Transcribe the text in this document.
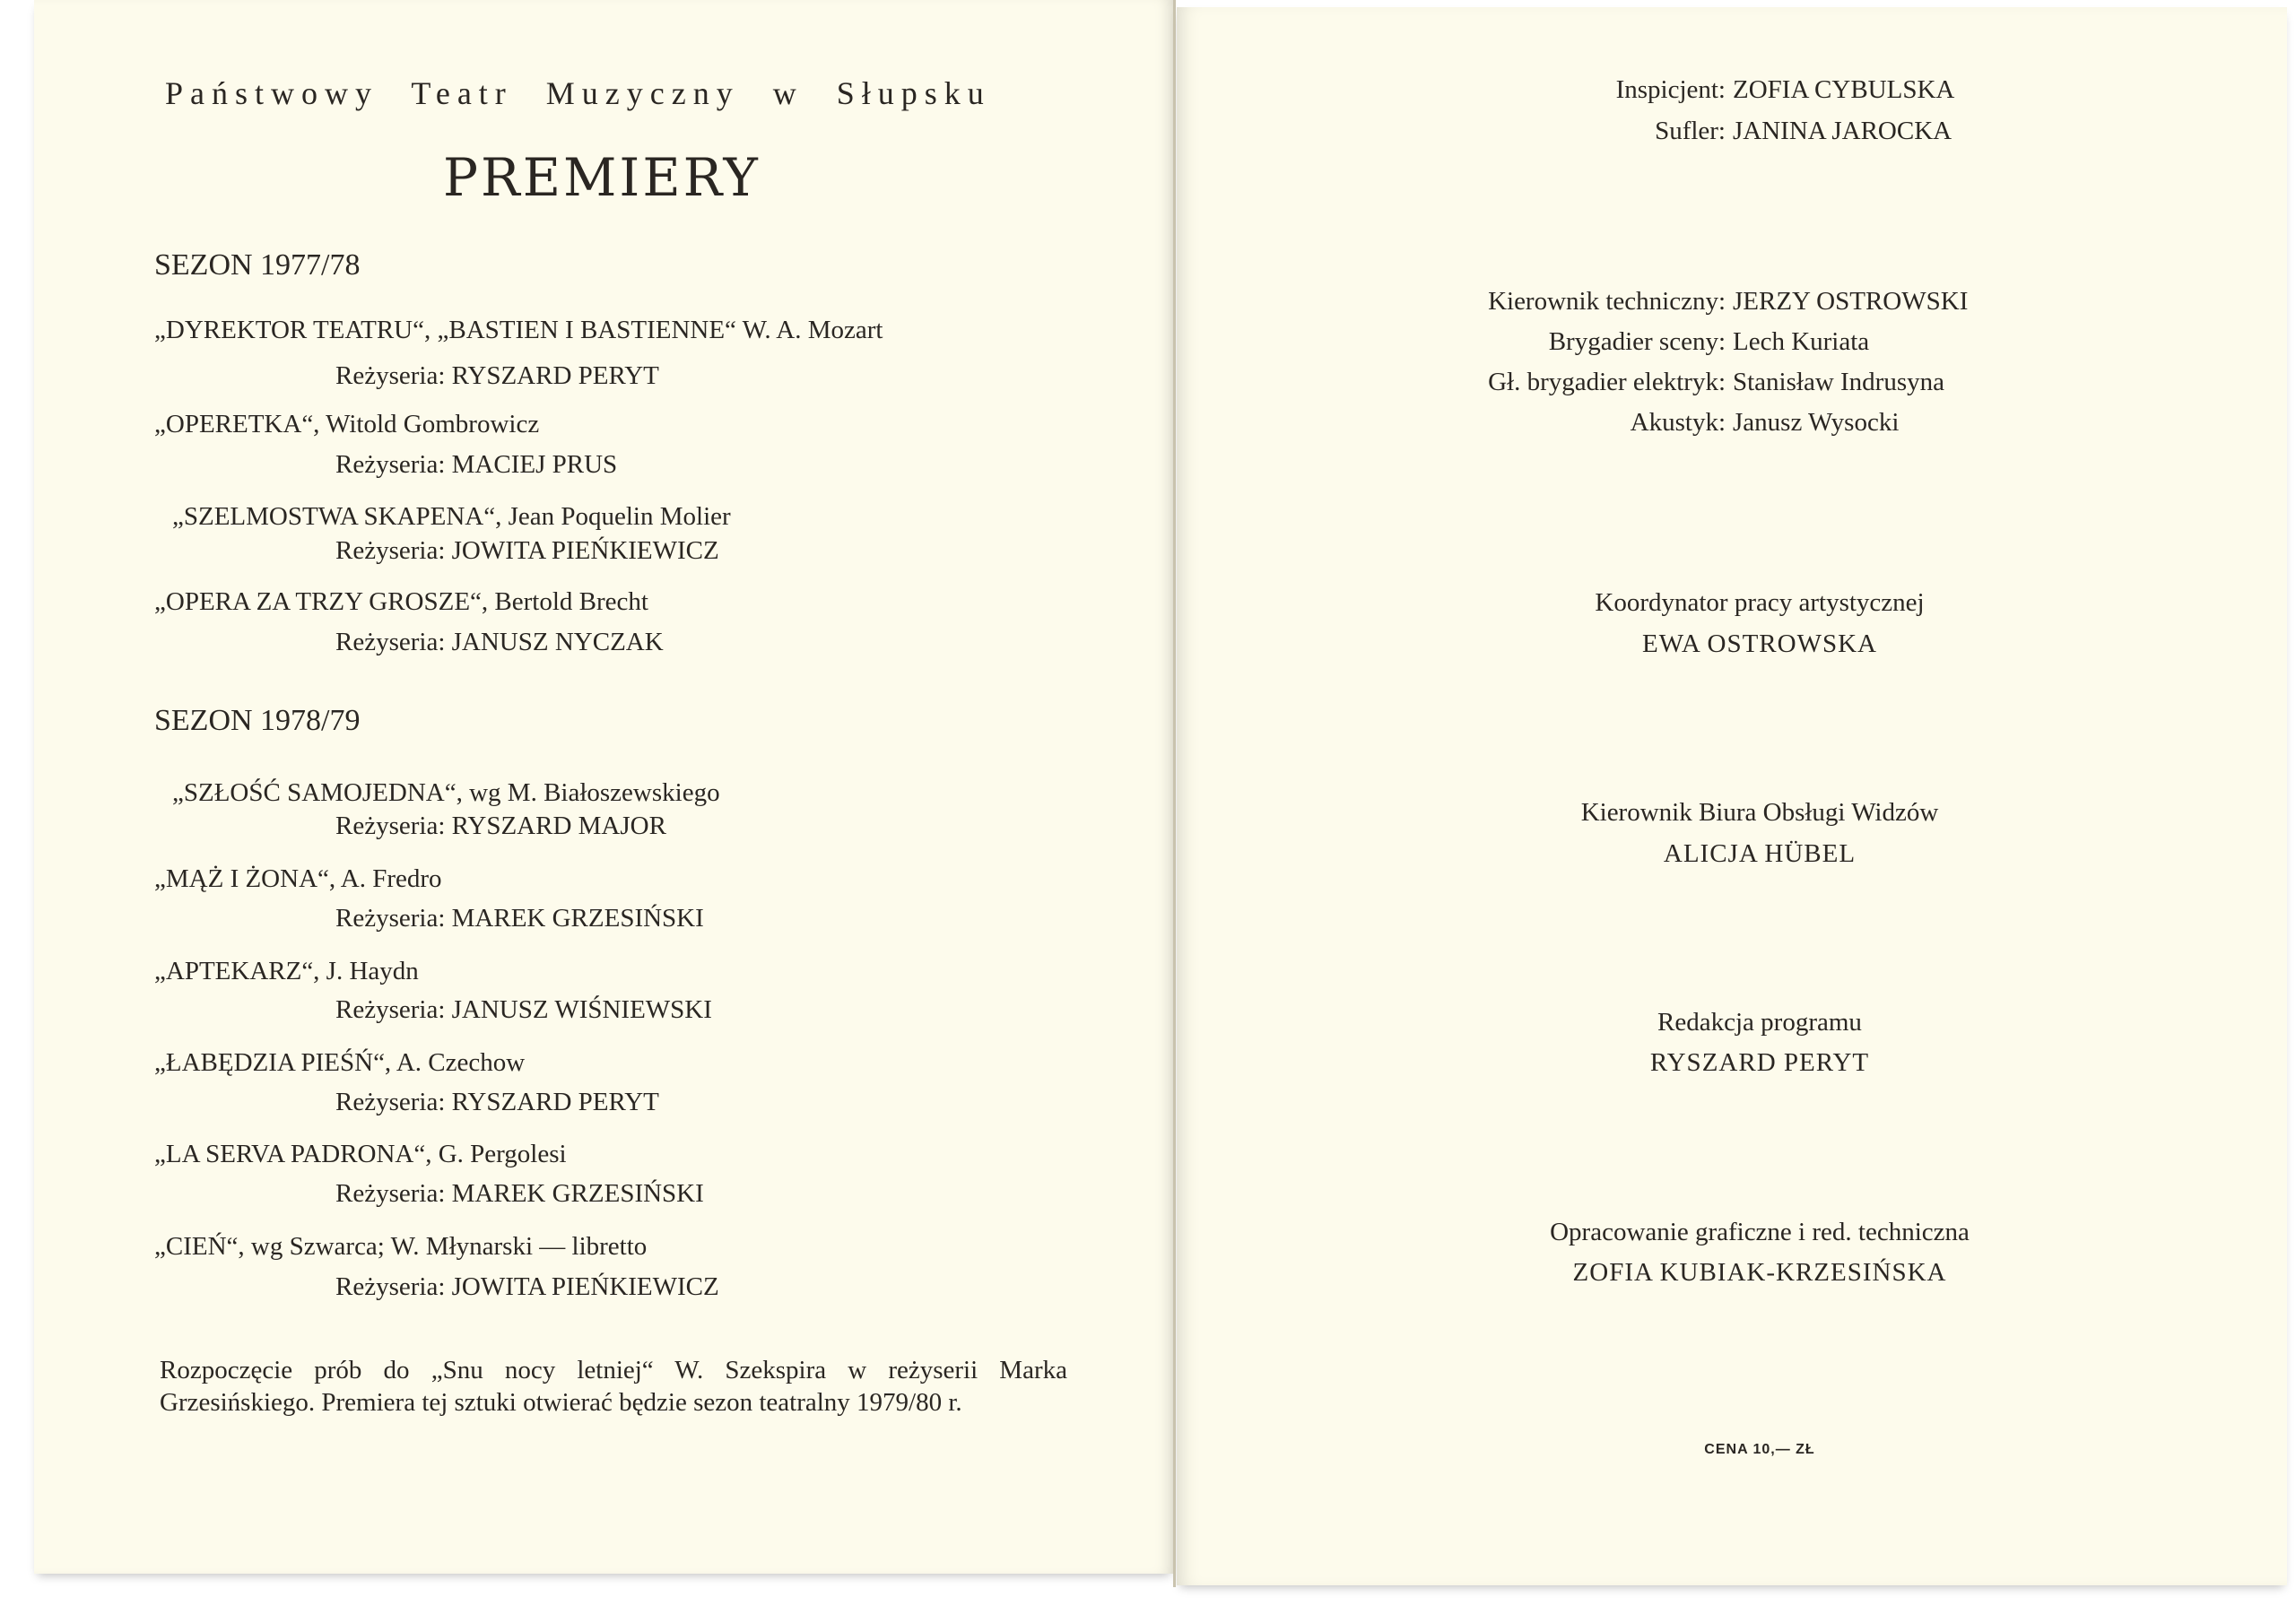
Państwowy Teatr Muzyczny w Słupsku
PREMIERY
SEZON 1977/78
„DYREKTOR TEATRU“, „BASTIEN I BASTIENNE“ W. A. Mozart
Reżyseria: RYSZARD PERYT
„OPERETKA“, Witold Gombrowicz
Reżyseria: MACIEJ PRUS
„SZELMOSTWA SKAPENA“, Jean Poquelin Molier
Reżyseria: JOWITA PIEŃKIEWICZ
„OPERA ZA TRZY GROSZE“, Bertold Brecht
Reżyseria: JANUSZ NYCZAK
SEZON 1978/79
„SZŁOŚĆ SAMOJEDNA“, wg M. Białoszewskiego
Reżyseria: RYSZARD MAJOR
„MĄŻ I ŻONA“, A. Fredro
Reżyseria: MAREK GRZESIŃSKI
„APTEKARZ“, J. Haydn
Reżyseria: JANUSZ WIŚNIEWSKI
„ŁABĘDZIA PIEŚŃ“, A. Czechow
Reżyseria: RYSZARD PERYT
„LA SERVA PADRONA“, G. Pergolesi
Reżyseria: MAREK GRZESIŃSKI
„CIEŃ“, wg Szwarca; W. Młynarski — libretto
Reżyseria: JOWITA PIEŃKIEWICZ
Rozpoczęcie prób do „Snu nocy letniej“ W. Szekspira w reżyserii Marka Grzesińskiego. Premiera tej sztuki otwierać będzie sezon teatralny 1979/80 r.
Inspicjent: ZOFIA CYBULSKA
Sufler: JANINA JAROCKA
Kierownik techniczny: JERZY OSTROWSKI
Brygadier sceny: Lech Kuriata
Gł. brygadier elektryk: Stanisław Indrusyna
Akustyk: Janusz Wysocki
Koordynator pracy artystycznej
EWA OSTROWSKA
Kierownik Biura Obsługi Widzów
ALICJA HÜBEL
Redakcja programu
RYSZARD PERYT
Opracowanie graficzne i red. techniczna
ZOFIA KUBIAK-KRZESIŃSKA
CENA 10,— ZŁ
